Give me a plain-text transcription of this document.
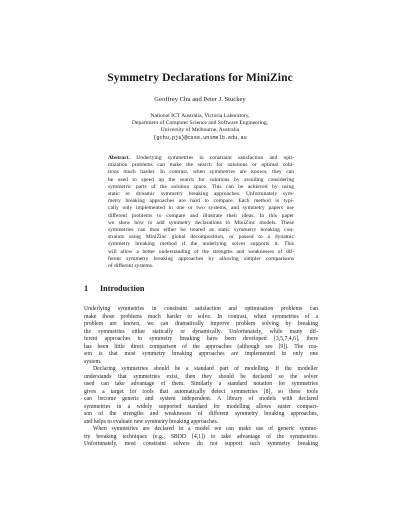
Symmetry Declarations for MiniZinc
Geoffrey Chu and Peter J. Stuckey
National ICT Australia, Victoria Laboratory,
Department of Computer Science and Software Engineering,
University of Melbourne, Australia
{gchu,pjs}@csse.unimelb.edu.au
Abstract. Underlying symmetries in constraint satisfaction and opti-
mization problems can make the search for solutions or optimal solu-
tions much harder. In contrast, when symmetries are known, they can
be used to speed up the search for solutions by avoiding considering
symmetric parts of the solution space. This can be achieved by using
static or dynamic symmetry breaking approaches. Unfortunately sym-
metry breaking approaches are hard to compare. Each method is typi-
cally only implemented in one or two systems, and symmetry papers use
different problems to compare and illustrate their ideas. In this paper
we show how to add symmetry declarations to MiniZinc models. These
symmetries can then either be treated as static symmetry breaking con-
straints using MiniZinc global decomposition, or passed to a dynamic
symmetry breaking method if the underlying solver supports it. This
will allow a better understanding of the strengths and weaknesses of dif-
ferent symmetry breaking approaches by allowing simpler comparisons
of different systems.
1 Introduction

Underlying symmetries in constraint satisfaction and optimisation problems can
make those problems much harder to solve. In contrast, when symmetries of a
problem are known, we can dramatically improve problem solving by breaking
the symmetries either statically or dynamically. Unfortunately, while many dif-
ferent approaches to symmetry breaking have been developed [3,5,7,4,6], there
has been little direct comparison of the approaches (although see [9]). The rea-
son is that most symmetry breaking approaches are implemented in only one
system.

Declaring symmetries should be a standard part of modelling. If the modeller
understands that symmetries exist, then they should be declared so the solver
used can take advantage of them. Similarly a standard notation for symmetries
gives a target for tools that automatically detect symmetries [8], so these tools
can become generic and system independent. A library of models with declared
symmetries in a widely supported standard for modelling allows easier compari-
son of the strengths and weaknesses of different symmetry breaking approaches,
and helps to evaluate new symmetry breaking approaches.

When symmetries are declared in a model we can make use of generic symme-
try breaking techniques (e.g., SBDD [4,1]) to take advantage of the symmetries.
Unfortunately, most constraint solvers do not support such symmetry breaking
